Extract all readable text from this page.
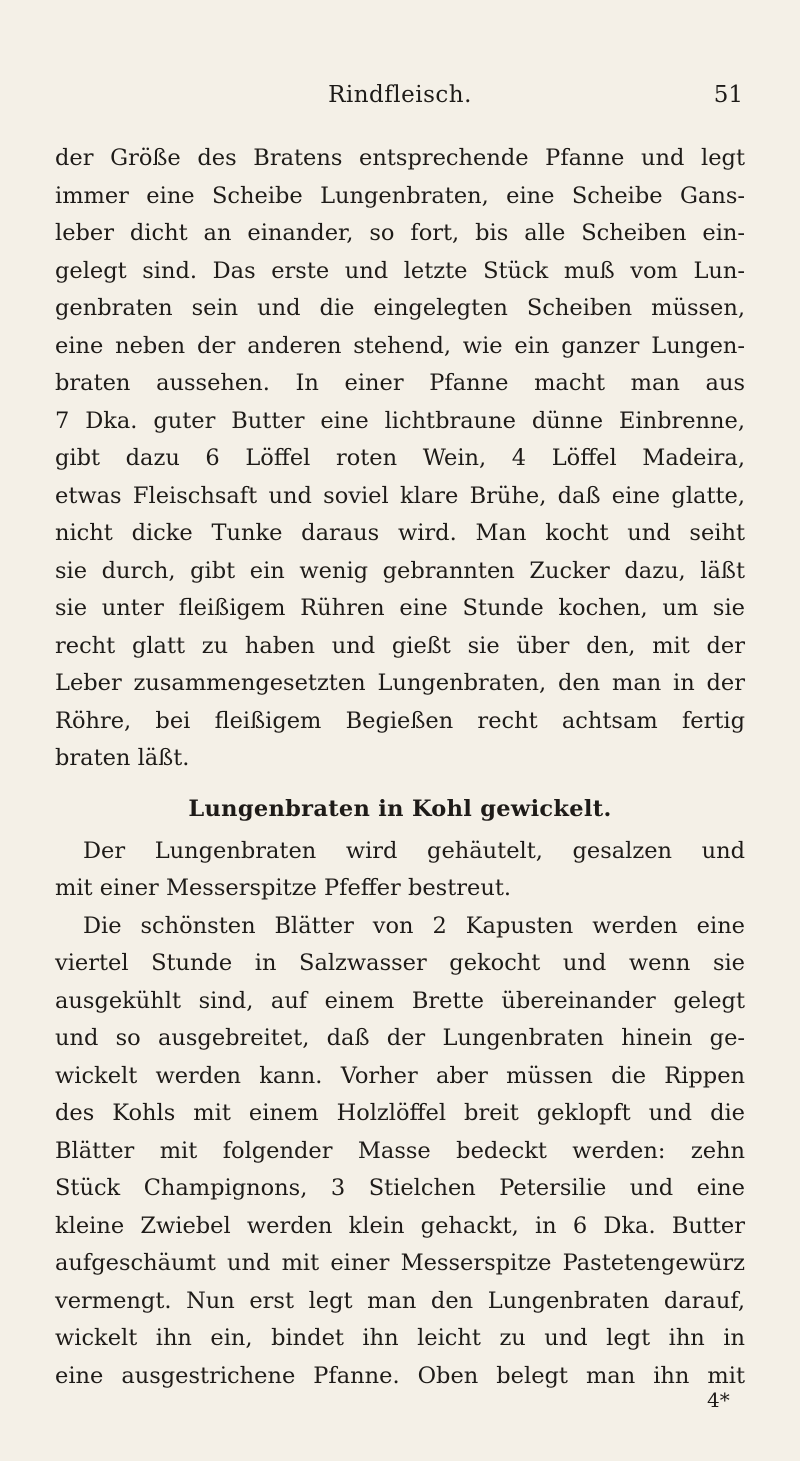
Rindfleisch.	51
der Größe des Bratens entsprechende Pfanne und legt
immer eine Scheibe Lungenbraten, eine Scheibe Gans-
leber dicht an einander, so fort, bis alle Scheiben ein-
gelegt sind. Das erste und letzte Stück muß vom Lun-
genbraten sein und die eingelegten Scheiben müssen,
eine neben der anderen stehend, wie ein ganzer Lungen-
braten aussehen. In einer Pfanne macht man aus
7 Dka. guter Butter eine lichtbraune dünne Einbrenne,
gibt dazu 6 Löffel roten Wein, 4 Löffel Madeira,
etwas Fleischsaft und soviel klare Brühe, daß eine glatte,
nicht dicke Tunke daraus wird. Man kocht und seiht
sie durch, gibt ein wenig gebrannten Zucker dazu, läßt
sie unter fleißigem Rühren eine Stunde kochen, um sie
recht glatt zu haben und gießt sie über den, mit der
Leber zusammengesetzten Lungenbraten, den man in der
Röhre, bei fleißigem Begießen recht achtsam fertig
braten läßt.
Lungenbraten in Kohl gewickelt.
Der Lungenbraten wird gehäutelt, gesalzen und
mit einer Messerspitze Pfeffer bestreut.
Die schönsten Blätter von 2 Kapusten werden eine
viertel Stunde in Salzwasser gekocht und wenn sie
ausgekühlt sind, auf einem Brette übereinander gelegt
und so ausgebreitet, daß der Lungenbraten hinein ge-
wickelt werden kann. Vorher aber müssen die Rippen
des Kohls mit einem Holzlöffel breit geklopft und die
Blätter mit folgender Masse bedeckt werden: zehn
Stück Champignons, 3 Stielchen Petersilie und eine
kleine Zwiebel werden klein gehackt, in 6 Dka. Butter
aufgeschäumt und mit einer Messerspitze Pastetengewürz
vermengt. Nun erst legt man den Lungenbraten darauf,
wickelt ihn ein, bindet ihn leicht zu und legt ihn in
eine ausgestrichene Pfanne. Oben belegt man ihn mit
4*
